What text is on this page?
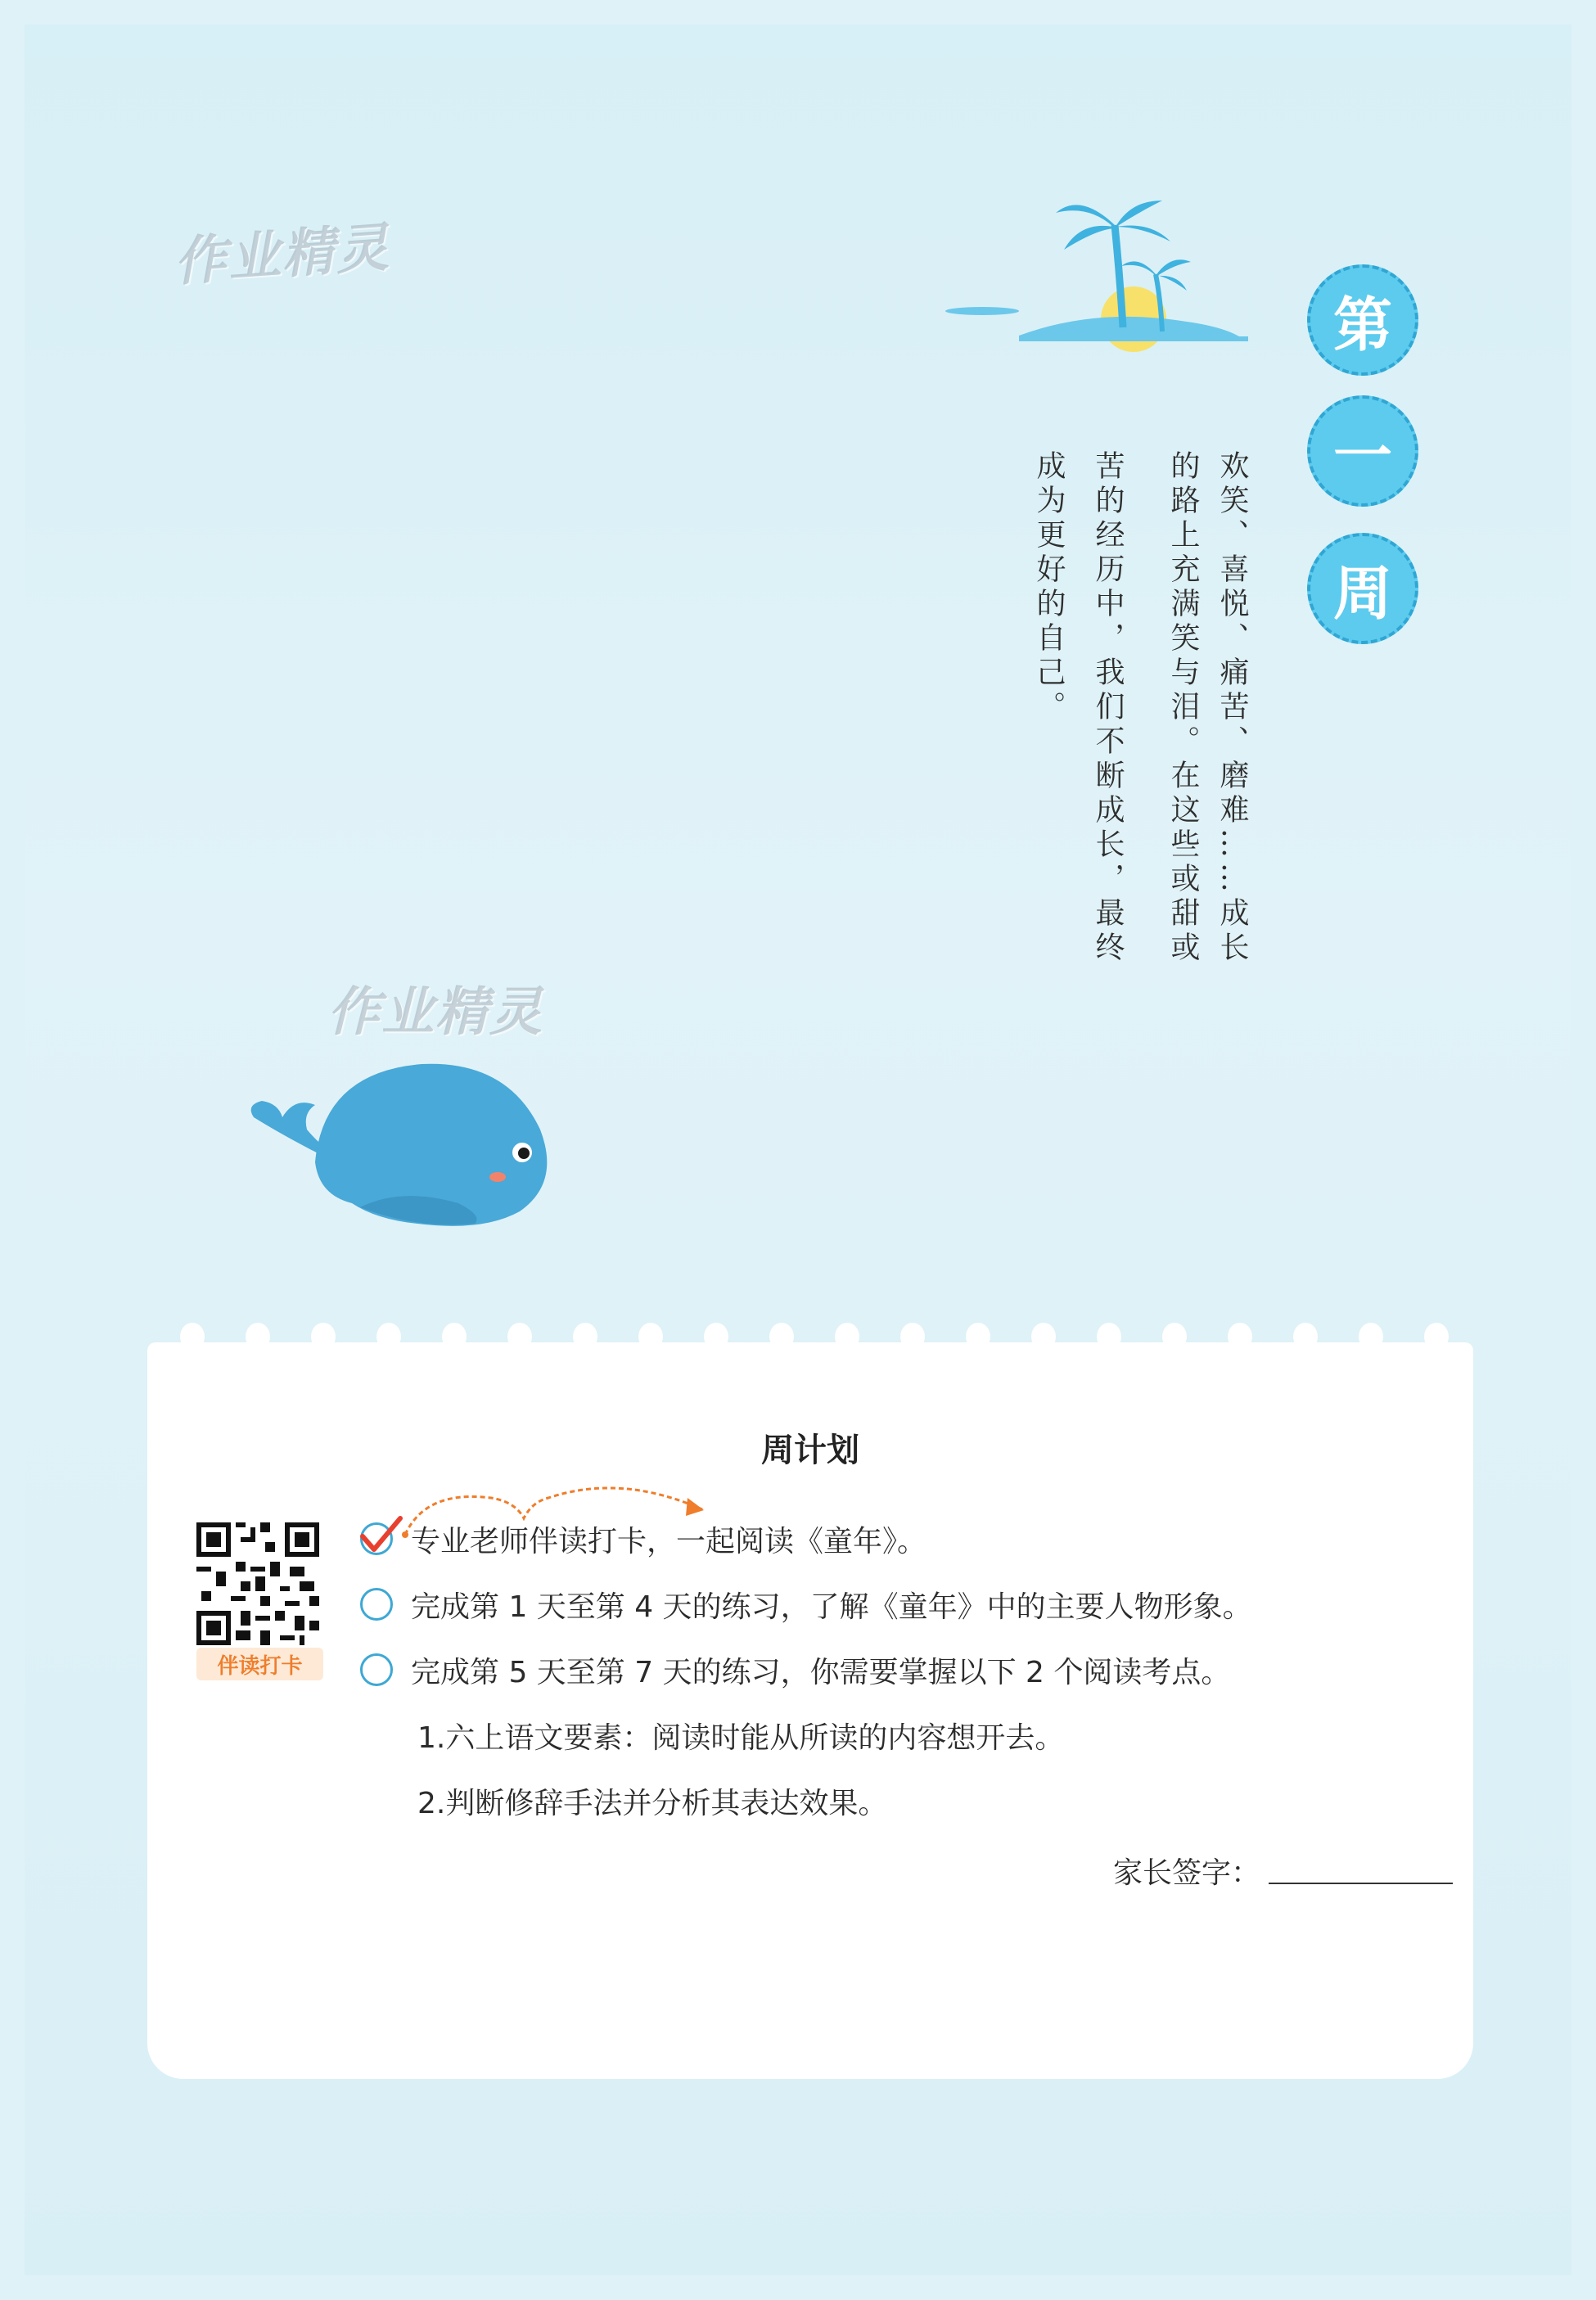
作业精灵
作业精灵
第
一
周
欢笑、喜悦、痛苦、磨难……成长
的路上充满笑与泪。在这些或甜或
苦的经历中，我们不断成长，最终
成为更好的自己。
周计划
伴读打卡
专业老师伴读打卡，一起阅读《童年》。
完成第 1 天至第 4 天的练习，了解《童年》中的主要人物形象。
完成第 5 天至第 7 天的练习，你需要掌握以下 2 个阅读考点。
1.六上语文要素：阅读时能从所读的内容想开去。
2.判断修辞手法并分析其表达效果。
家长签字：
